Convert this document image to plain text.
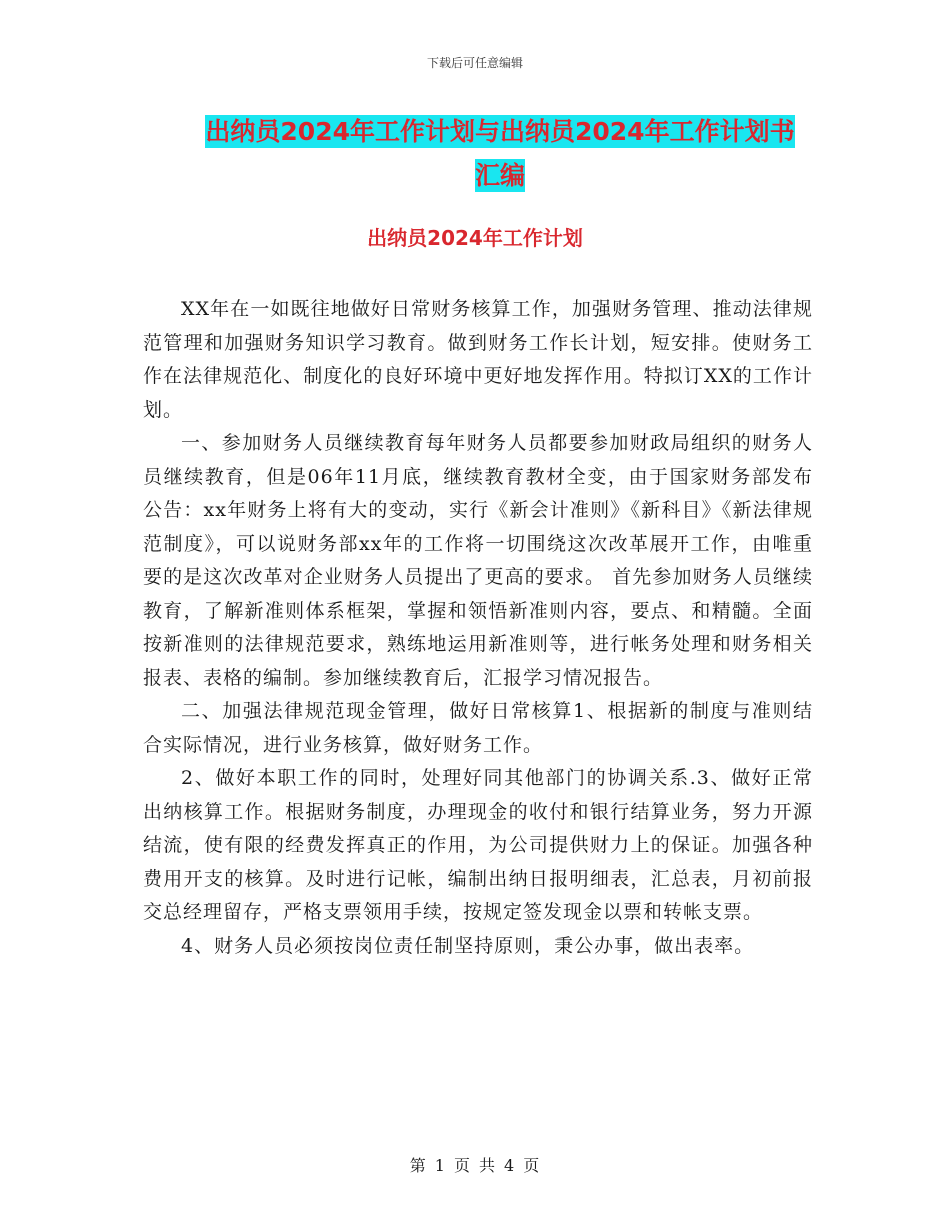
下载后可任意编辑
出纳员2024年工作计划与出纳员2024年工作计划书
汇编
出纳员2024年工作计划

XX年在一如既往地做好日常财务核算工作，加强财务管理、推动法律规范管理和加强财务知识学习教育。做到财务工作长计划，短安排。使财务工作在法律规范化、制度化的良好环境中更好地发挥作用。特拟订XX的工作计划。

一、参加财务人员继续教育每年财务人员都要参加财政局组织的财务人员继续教育，但是06年11月底，继续教育教材全变，由于国家财务部发布公告：xx年财务上将有大的变动，实行《新会计准则》《新科目》《新法律规范制度》，可以说财务部xx年的工作将一切围绕这次改革展开工作，由唯重要的是这次改革对企业财务人员提出了更高的要求。 首先参加财务人员继续教育，了解新准则体系框架，掌握和领悟新准则内容，要点、和精髓。全面按新准则的法律规范要求，熟练地运用新准则等，进行帐务处理和财务相关报表、表格的编制。参加继续教育后，汇报学习情况报告。

二、加强法律规范现金管理，做好日常核算1、根据新的制度与准则结合实际情况，进行业务核算，做好财务工作。

2、做好本职工作的同时，处理好同其他部门的协调关系.3、做好正常出纳核算工作。根据财务制度，办理现金的收付和银行结算业务，努力开源结流，使有限的经费发挥真正的作用，为公司提供财力上的保证。加强各种费用开支的核算。及时进行记帐，编制出纳日报明细表，汇总表，月初前报交总经理留存，严格支票领用手续，按规定签发现金以票和转帐支票。

4、财务人员必须按岗位责任制坚持原则，秉公办事，做出表率。

第 1 页 共 4 页
